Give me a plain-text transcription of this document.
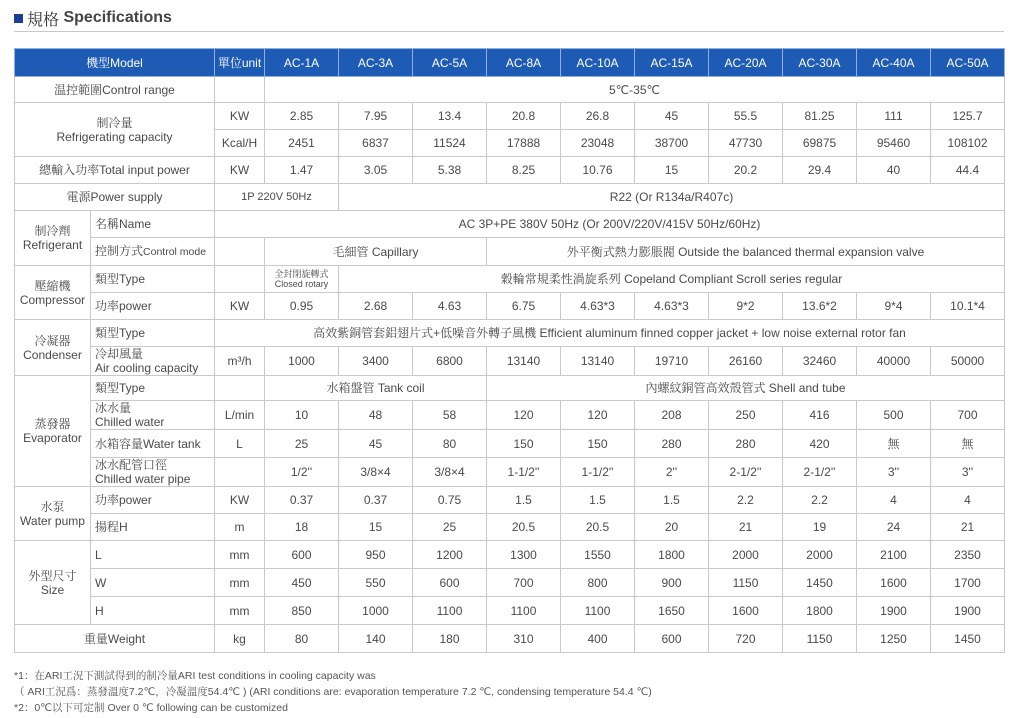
規格
Specifications
機型Model		單位unit	AC-1A	AC-3A	AC-5A	AC-8A	AC-10A	AC-15A	AC-20A	AC-30A	AC-40A	AC-50A
温控範圍Control range			5℃-35℃									

制冷量
Refrigerating capacity		KW	2.85	7.95	13.4	20.8	26.8	45	55.5	81.25	111	125.7
		Kcal/H	2451	6837	11524	17888	23048	38700	47730	69875	95460	108102
總輸入功率Total input power		KW	1.47	3.05	5.38	8.25	10.76	15	20.2	29.4	40	44.4
電源Power supply		1P 220V 50Hz		R22 (Or R134a/R407c)								

制冷劑
Refrigerant	名稱Name	AC 3P+PE 380V 50Hz (Or 200V/220V/415V 50Hz/60Hz)										
	控制方式Control mode		毛細管 Capillary			外平衡式熱力膨脹閥 Outside the balanced thermal expansion valve						

壓縮機
Compressor	類型Type		全封閉旋轉式
Closed rotary	穀輪常規柔性渦旋系列 Copeland Compliant Scroll series regular								
	功率power	KW	0.95	2.68	4.63	6.75	4.63*3	4.63*3	9*2	13.6*2	9*4	10.1*4

冷凝器
Condenser	類型Type	高效紫銅管套鋁翅片式+低噪音外轉子風機 Efficient aluminum finned copper jacket + low noise external rotor fan										

	冷却風量
Air cooling capacity	m³/h	1000	3400	6800	13140	13140	19710	26160	32460	40000	50000

蒸發器
Evaporator	類型Type		水箱盤管 Tank coil			內螺紋銅管高效殼管式 Shell and tube						

	冰水量
Chilled water	L/min	10	48	58	120	120	208	250	416	500	700
	水箱容量Water tank	L	25	45	80	150	150	280	280	420	無	無

	冰水配管口徑
Chilled water pipe		1/2''	3/8×4	3/8×4	1-1/2''	1-1/2''	2''	2-1/2''	2-1/2''	3''	3''

水泵
Water pump	功率power	KW	0.37	0.37	0.75	1.5	1.5	1.5	2.2	2.2	4	4
	揚程H	m	18	15	25	20.5	20.5	20	21	19	24	21

外型尺寸
Size	L	mm	600	950	1200	1300	1550	1800	2000	2000	2100	2350
	W	mm	450	550	600	700	800	900	1150	1450	1600	1700
	H	mm	850	1000	1100	1100	1100	1650	1600	1800	1900	1900
重量Weight		kg	80	140	180	310	400	600	720	1150	1250	1450
*1：在ARI工況下測試得到的制冷量ARI test conditions in cooling capacity was
（ ARI工況爲：蒸發溫度7.2℃，冷凝溫度54.4℃ ) (ARI conditions are: evaporation temperature 7.2 ℃, condensing temperature 54.4 ℃)
*2：0℃以下可定制 Over 0 ℃ following can be customized
